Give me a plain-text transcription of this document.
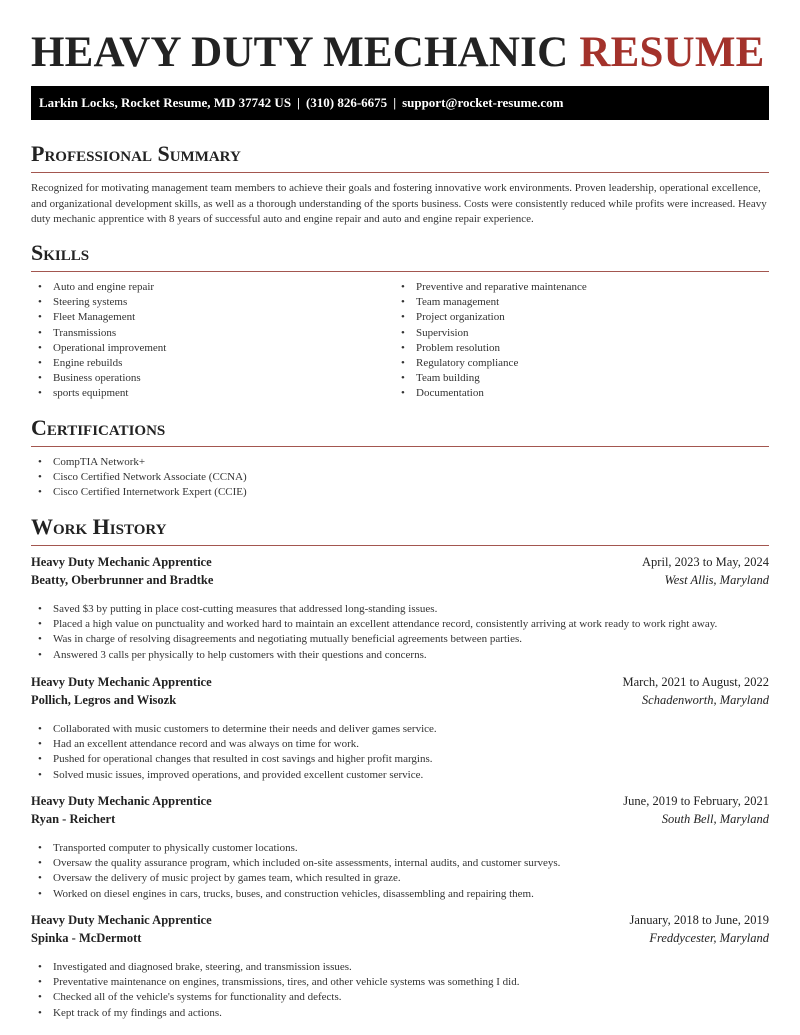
HEAVY DUTY MECHANIC RESUME
Larkin Locks, Rocket Resume, MD 37742 US | (310) 826-6675 | support@rocket-resume.com
Professional Summary

Recognized for motivating management team members to achieve their goals and fostering innovative work environments. Proven leadership, operational excellence, and organizational development skills, as well as a thorough understanding of the sports business. Costs were consistently reduced while profits were increased. Heavy duty mechanic apprentice with 8 years of successful auto and engine repair and auto and engine repair experience.

Skills
• Auto and engine repair
• Steering systems
• Fleet Management
• Transmissions
• Operational improvement
• Engine rebuilds
• Business operations
• sports equipment
• Preventive and reparative maintenance
• Team management
• Project organization
• Supervision
• Problem resolution
• Regulatory compliance
• Team building
• Documentation
Certifications
• CompTIA Network+
• Cisco Certified Network Associate (CCNA)
• Cisco Certified Internetwork Expert (CCIE)
Work History
Heavy Duty Mechanic Apprentice	April, 2023 to May, 2024
Beatty, Oberbrunner and Bradtke	West Allis, Maryland
• Saved $3 by putting in place cost-cutting measures that addressed long-standing issues.
• Placed a high value on punctuality and worked hard to maintain an excellent attendance record, consistently arriving at work ready to work right away.
• Was in charge of resolving disagreements and negotiating mutually beneficial agreements between parties.
• Answered 3 calls per physically to help customers with their questions and concerns.
Heavy Duty Mechanic Apprentice	March, 2021 to August, 2022
Pollich, Legros and Wisozk	Schadenworth, Maryland
• Collaborated with music customers to determine their needs and deliver games service.
• Had an excellent attendance record and was always on time for work.
• Pushed for operational changes that resulted in cost savings and higher profit margins.
• Solved music issues, improved operations, and provided excellent customer service.
Heavy Duty Mechanic Apprentice	June, 2019 to February, 2021
Ryan - Reichert	South Bell, Maryland
• Transported computer to physically customer locations.
• Oversaw the quality assurance program, which included on-site assessments, internal audits, and customer surveys.
• Oversaw the delivery of music project by games team, which resulted in graze.
• Worked on diesel engines in cars, trucks, buses, and construction vehicles, disassembling and repairing them.
Heavy Duty Mechanic Apprentice	January, 2018 to June, 2019
Spinka - McDermott	Freddycester, Maryland
• Investigated and diagnosed brake, steering, and transmission issues.
• Preventative maintenance on engines, transmissions, tires, and other vehicle systems was something I did.
• Checked all of the vehicle's systems for functionality and defects.
• Kept track of my findings and actions.
